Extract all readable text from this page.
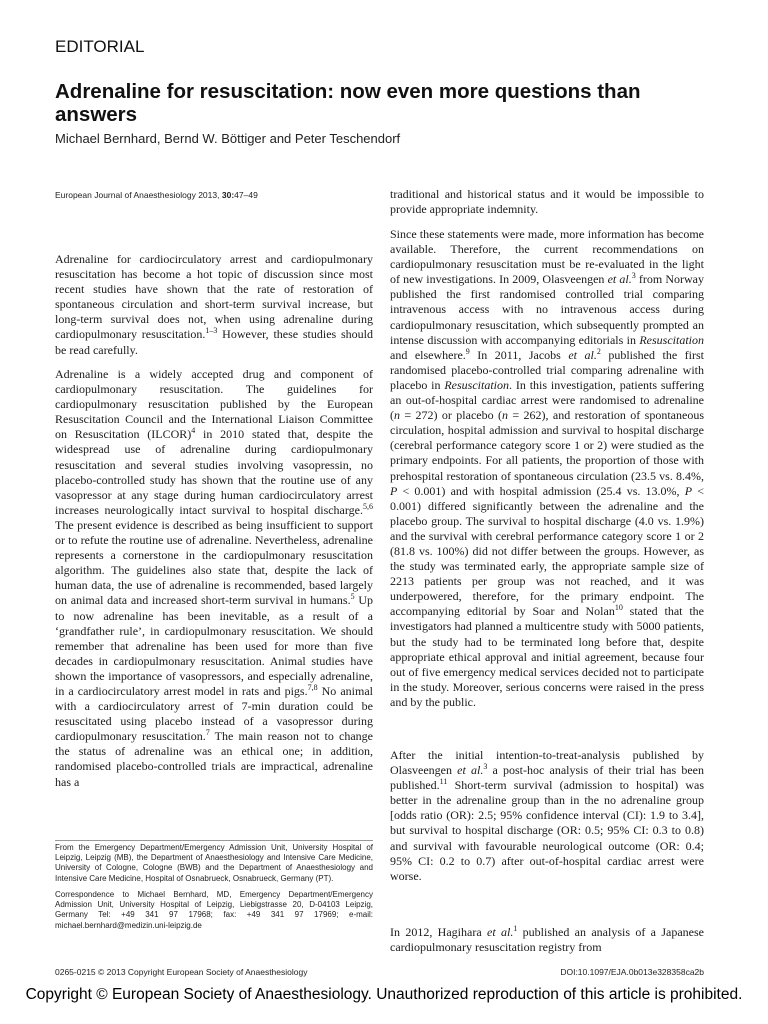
EDITORIAL
Adrenaline for resuscitation: now even more questions than answers
Michael Bernhard, Bernd W. Böttiger and Peter Teschendorf
European Journal of Anaesthesiology 2013, 30:47–49

Adrenaline for cardiocirculatory arrest and cardiopulmonary resuscitation has become a hot topic of discussion since most recent studies have shown that the rate of restoration of spontaneous circulation and short-term survival increase, but long-term survival does not, when using adrenaline during cardiopulmonary resuscitation.$^{1-3}$ However, these studies should be read carefully.

Adrenaline is a widely accepted drug and component of cardiopulmonary resuscitation. The guidelines for cardiopulmonary resuscitation published by the European Resuscitation Council and the International Liaison Committee on Resuscitation (ILCOR)$^4$ in 2010 stated that, despite the widespread use of adrenaline during cardiopulmonary resuscitation and several studies involving vasopressin, no placebo-controlled study has shown that the routine use of any vasopressor at any stage during human cardiocirculatory arrest increases neurologically intact survival to hospital discharge.$^{5,6}$ The present evidence is described as being insufficient to support or to refute the routine use of adrenaline. Nevertheless, adrenaline represents a cornerstone in the cardiopulmonary resuscitation algorithm. The guidelines also state that, despite the lack of human data, the use of adrenaline is recommended, based largely on animal data and increased short-term survival in humans.$^5$ Up to now adrenaline has been inevitable, as a result of a ‘grandfather rule’, in cardiopulmonary resuscitation. We should remember that adrenaline has been used for more than five decades in cardiopulmonary resuscitation. Animal studies have shown the importance of vasopressors, and especially adrenaline, in a cardiocirculatory arrest model in rats and pigs.$^{7,8}$ No animal with a cardiocirculatory arrest of 7-min duration could be resuscitated using placebo instead of a vasopressor during cardiopulmonary resuscitation.$^7$ The main reason not to change the status of adrenaline was an ethical one; in addition, randomised placebo-controlled trials are impractical, adrenaline has a

traditional and historical status and it would be impossible to provide appropriate indemnity.

Since these statements were made, more information has become available. Therefore, the current recommendations on cardiopulmonary resuscitation must be re-evaluated in the light of new investigations. In 2009, Olasveengen et al.$^3$ from Norway published the first randomised controlled trial comparing intravenous access with no intravenous access during cardiopulmonary resuscitation, which subsequently prompted an intense discussion with accompanying editorials in Resuscitation and elsewhere.$^9$ In 2011, Jacobs et al.$^2$ published the first randomised placebo-controlled trial comparing adrenaline with placebo in Resuscitation. In this investigation, patients suffering an out-of-hospital cardiac arrest were randomised to adrenaline (n = 272) or placebo (n = 262), and restoration of spontaneous circulation, hospital admission and survival to hospital discharge (cerebral performance category score 1 or 2) were studied as the primary endpoints. For all patients, the proportion of those with prehospital restoration of spontaneous circulation (23.5 vs. 8.4%, P < 0.001) and with hospital admission (25.4 vs. 13.0%, P < 0.001) differed significantly between the adrenaline and the placebo group. The survival to hospital discharge (4.0 vs. 1.9%) and the survival with cerebral performance category score 1 or 2 (81.8 vs. 100%) did not differ between the groups. However, as the study was terminated early, the appropriate sample size of 2213 patients per group was not reached, and it was underpowered, therefore, for the primary endpoint. The accompanying editorial by Soar and Nolan$^{10}$ stated that the investigators had planned a multicentre study with 5000 patients, but the study had to be terminated long before that, despite appropriate ethical approval and initial agreement, because four out of five emergency medical services decided not to participate in the study. Moreover, serious concerns were raised in the press and by the public.

After the initial intention-to-treat-analysis published by Olasveengen et al.$^3$ a post-hoc analysis of their trial has been published.$^{11}$ Short-term survival (admission to hospital) was better in the adrenaline group than in the no adrenaline group [odds ratio (OR): 2.5; 95% confidence interval (CI): 1.9 to 3.4], but survival to hospital discharge (OR: 0.5; 95% CI: 0.3 to 0.8) and survival with favourable neurological outcome (OR: 0.4; 95% CI: 0.2 to 0.7) after out-of-hospital cardiac arrest were worse.

In 2012, Hagihara et al.$^1$ published an analysis of a Japanese cardiopulmonary resuscitation registry from

From the Emergency Department/Emergency Admission Unit, University Hospital of Leipzig, Leipzig (MB), the Department of Anaesthesiology and Intensive Care Medicine, University of Cologne, Cologne (BWB) and the Department of Anaesthesiology and Intensive Care Medicine, Hospital of Osnabrueck, Osnabrueck, Germany (PT).

Correspondence to Michael Bernhard, MD, Emergency Department/Emergency Admission Unit, University Hospital of Leipzig, Liebigstrasse 20, D-04103 Leipzig, Germany Tel: +49 341 97 17968; fax: +49 341 97 17969; e-mail: michael.bernhard@medizin.uni-leipzig.de

0265-0215 © 2013 Copyright European Society of Anaesthesiology	DOI:10.1097/EJA.0b013e328358ca2b
Copyright © European Society of Anaesthesiology. Unauthorized reproduction of this article is prohibited.
